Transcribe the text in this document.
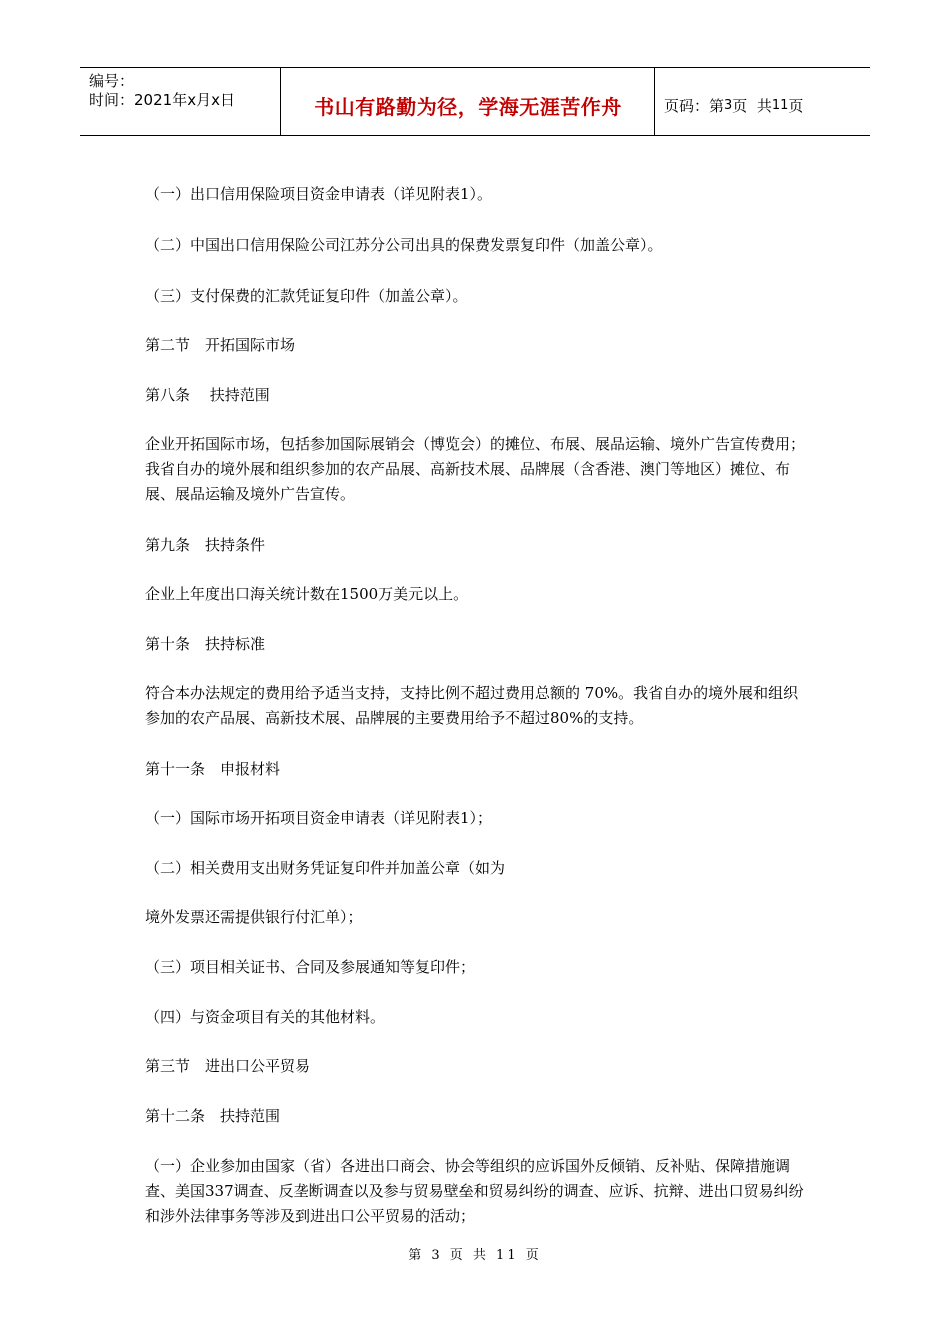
编号：
时间：2021年x月x日	书山有路勤为径，学海无涯苦作舟	页码：第 3 页  共 11 页

（一）出口信用保险项目资金申请表（详见附表1）。

（二）中国出口信用保险公司江苏分公司出具的保费发票复印件（加盖公章）。

（三）支付保费的汇款凭证复印件（加盖公章）。

第二节　开拓国际市场

第八条　 扶持范围

企业开拓国际市场，包括参加国际展销会（博览会）的摊位、布展、展品运输、境外广告宣传费用；我省自办的境外展和组织参加的农产品展、高新技术展、品牌展（含香港、澳门等地区）摊位、布展、展品运输及境外广告宣传。

第九条　扶持条件

企业上年度出口海关统计数在1500万美元以上。

第十条　扶持标准

符合本办法规定的费用给予适当支持，支持比例不超过费用总额的 70%。我省自办的境外展和组织参加的农产品展、高新技术展、品牌展的主要费用给予不超过80%的支持。

第十一条　申报材料

（一）国际市场开拓项目资金申请表（详见附表1）；

（二）相关费用支出财务凭证复印件并加盖公章（如为

境外发票还需提供银行付汇单）；

（三）项目相关证书、合同及参展通知等复印件；

（四）与资金项目有关的其他材料。

第三节　进出口公平贸易

第十二条　扶持范围

（一）企业参加由国家（省）各进出口商会、协会等组织的应诉国外反倾销、反补贴、保障措施调查、美国337调查、反垄断调查以及参与贸易壁垒和贸易纠纷的调查、应诉、抗辩、进出口贸易纠纷和涉外法律事务等涉及到进出口公平贸易的活动；

第 3 页 共 11 页
